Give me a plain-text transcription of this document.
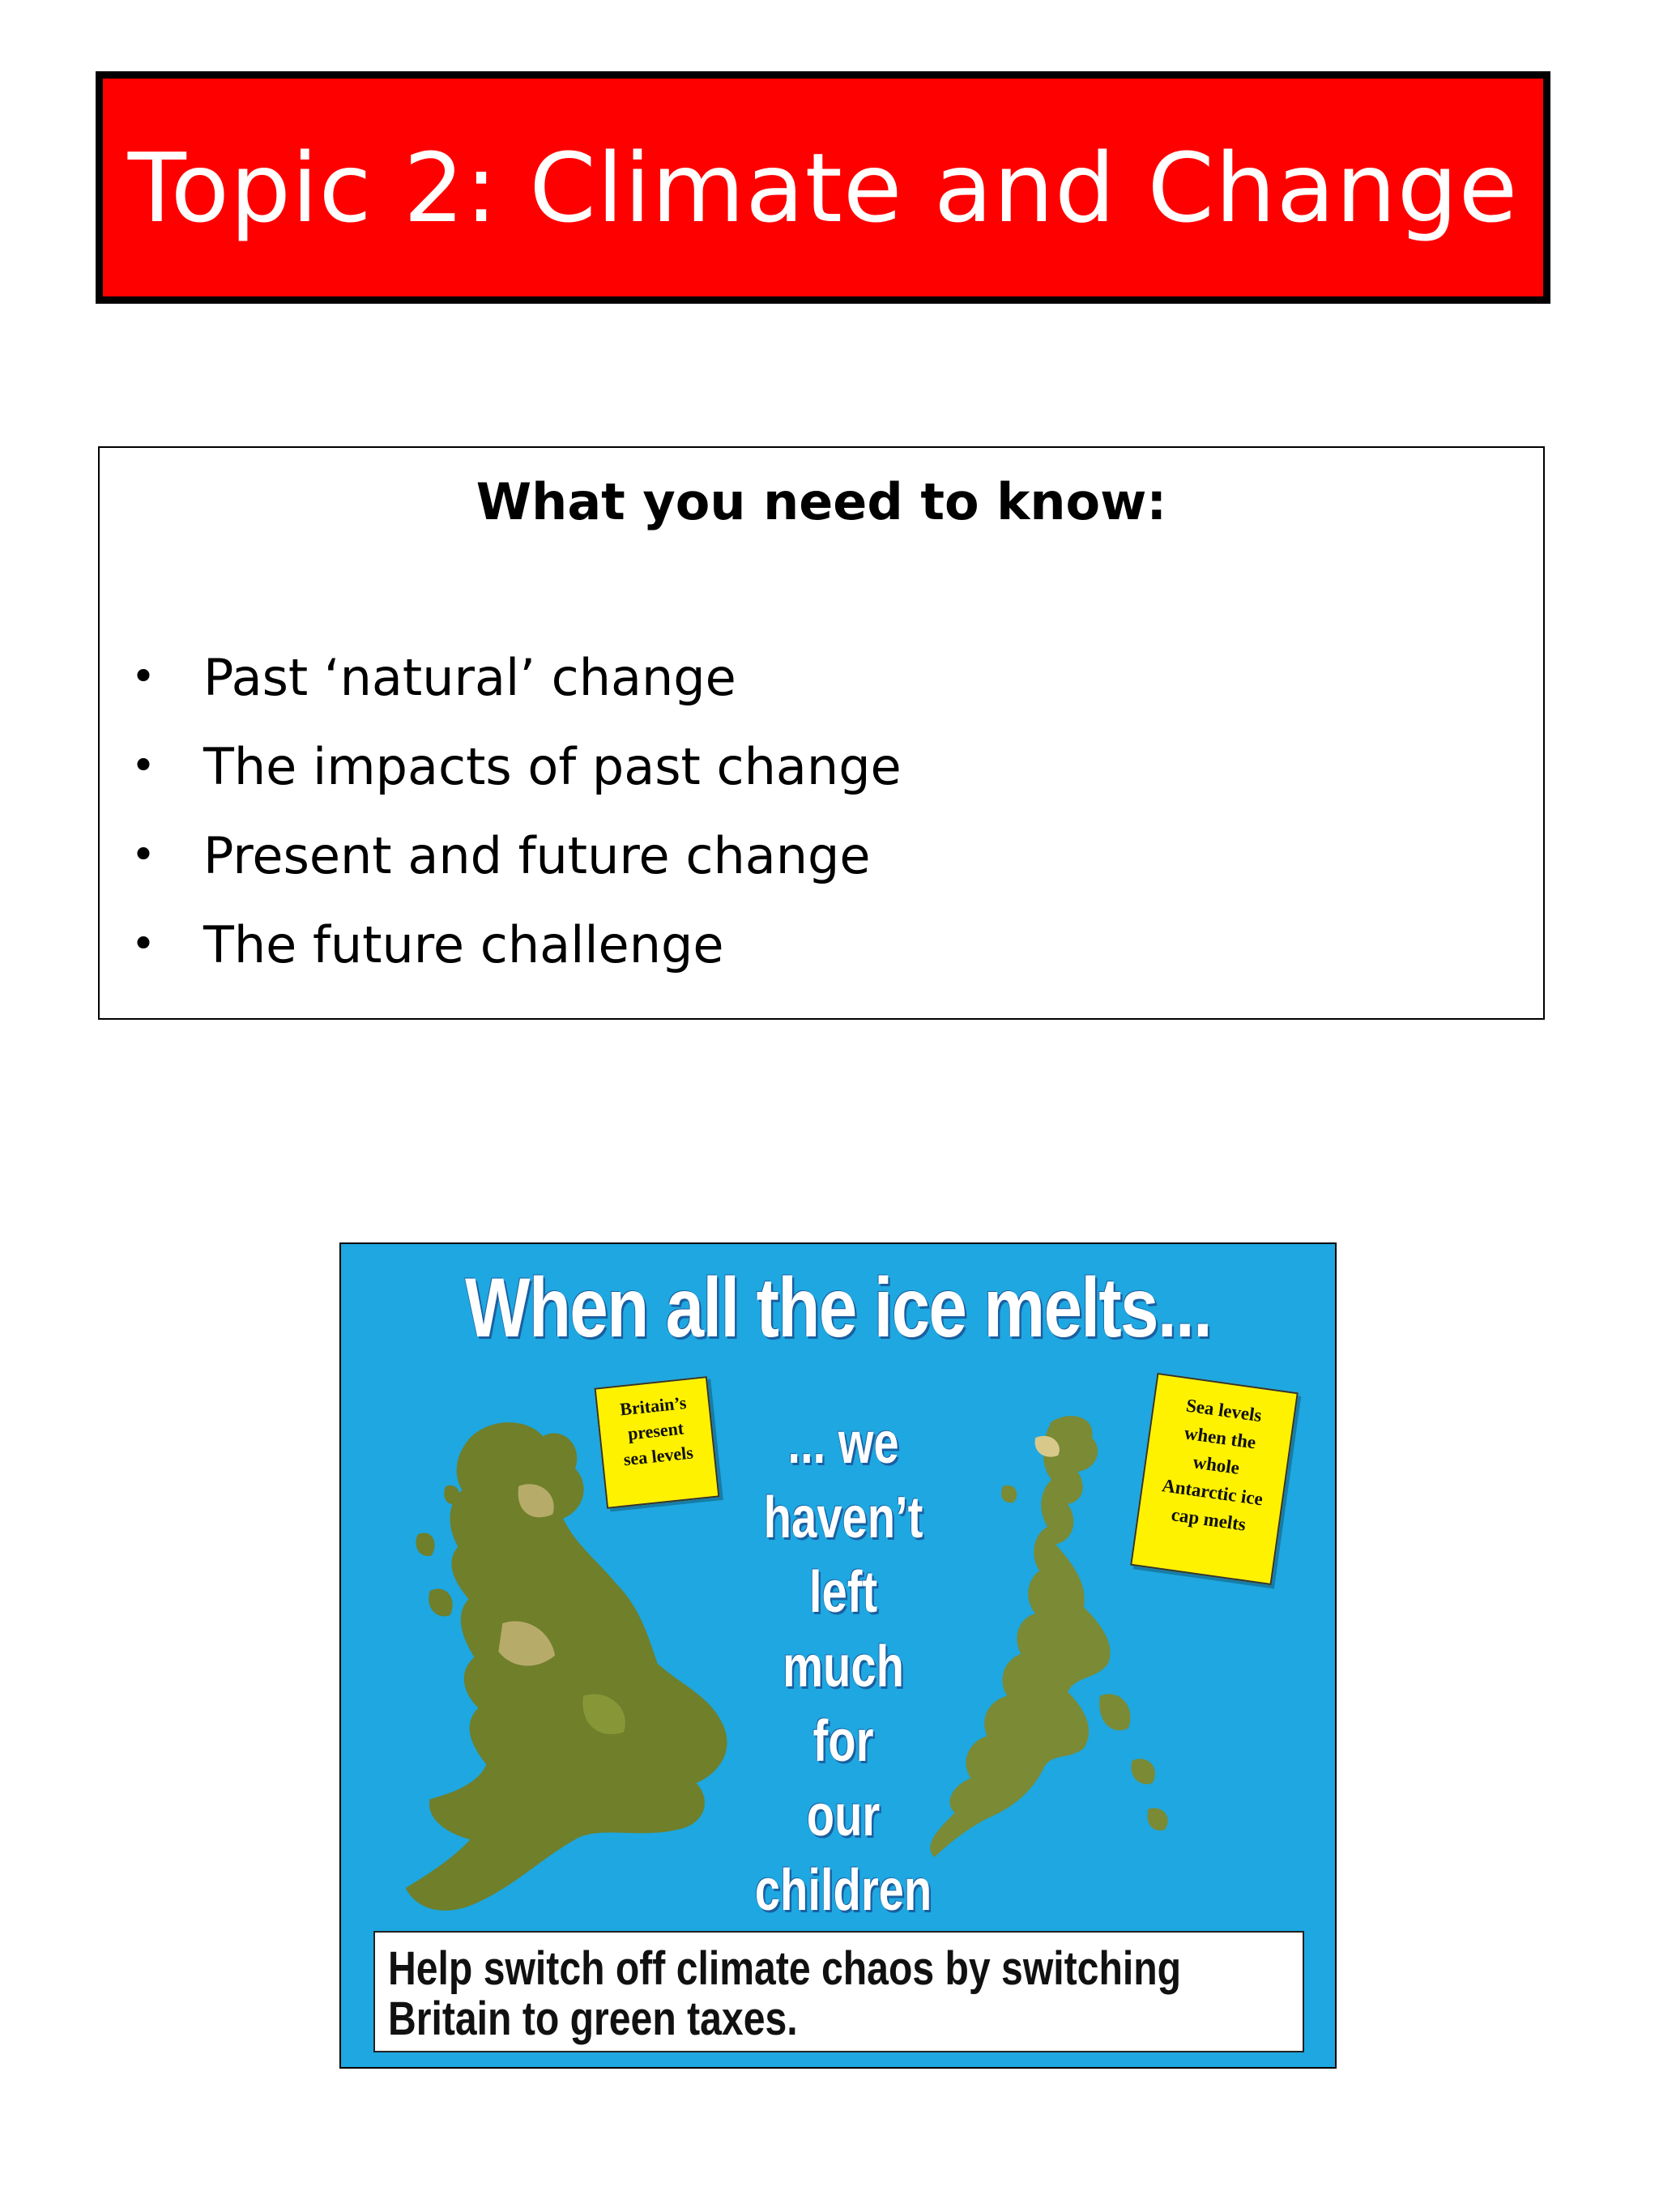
Topic 2: Climate and Change
What you need to know:
• Past ‘natural’ change
• The impacts of past change
• Present and future change
• The future challenge
When all the ice melts...
Britain’s
present
sea levels	... we
haven’t
left
much
for
our
children
Sea levels
when the
whole
Antarctic ice
cap melts
Help switch off climate chaos by switching
Britain to green taxes.
